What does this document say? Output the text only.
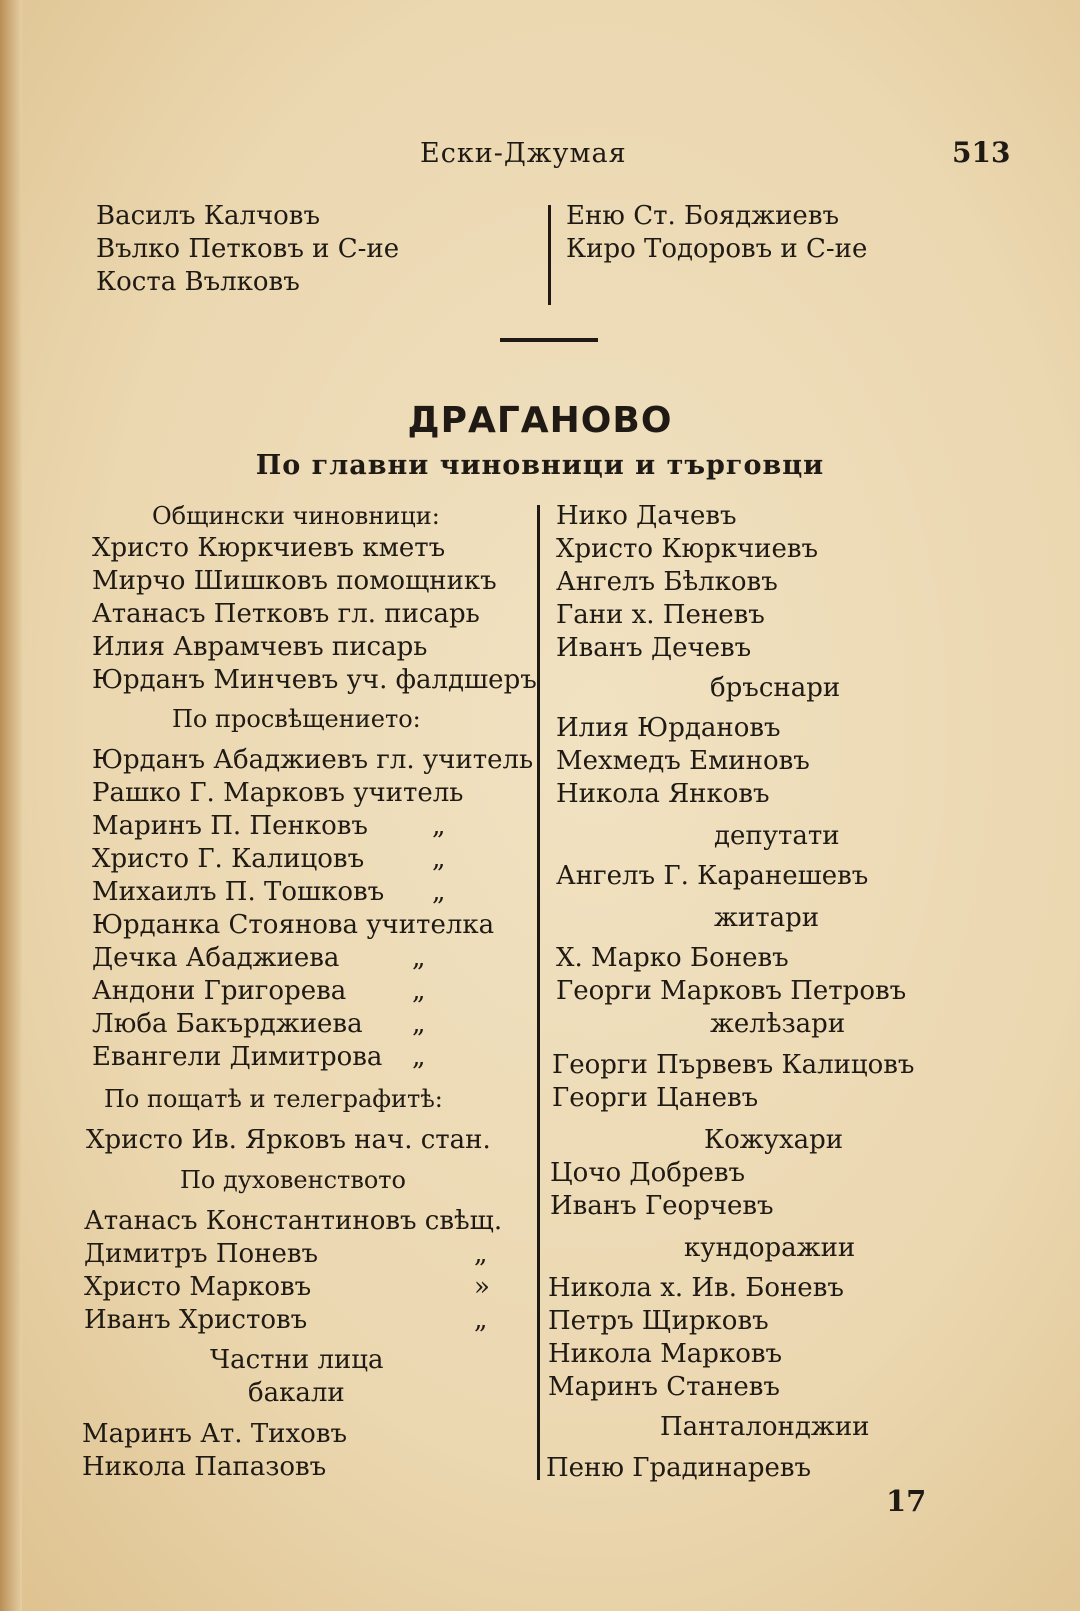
Ески-Джумая	513
Василъ Калчовъ
Вълко Петковъ и С-ие
Коста Вълковъ
Еню Ст. Бояджиевъ
Киро Тодоровъ и С-ие
ДРАГАНОВО
По главни чиновници и търговци
Общински чиновници:
Христо Кюркчиевъ кметъ
Мирчо Шишковъ помощникъ
Атанасъ Петковъ гл. писарь
Илия Аврамчевъ писарь
Юрданъ Минчевъ уч. фалдшеръ
По просвѣщението:
Юрданъ Абаджиевъ гл. учитель
Рашко Г. Марковъ учитель
Маринъ П. Пенковъ „
Христо Г. Калицовъ	„
Михаилъ П. Тошковъ „
Юрданка Стоянова учителка
Дечка Абаджиева	„
Андони Григорева	„
Люба Бакърджиева „
Евангели Димитрова „
По пощатѣ и телеграфитѣ:
Христо Ив. Ярковъ нач. стан.
По духовенството
Атанасъ Константиновъ свѣщ.
Димитръ Поневъ	„
Христо Марковъ	»
Иванъ Христовъ	„
Частни лица
бакали
Маринъ Ат. Тиховъ
Никола Папазовъ
Нико Дачевъ
Христо Кюркчиевъ
Ангелъ Бѣлковъ
Гани х. Пеневъ
Иванъ Дечевъ
бръснари
Илия Юрдановъ
Мехмедъ Еминовъ
Никола Янковъ
депутати
Ангелъ Г. Каранешевъ
житари
Х. Марко Боневъ
Георги Марковъ Петровъ
желѣзари
Георги Първевъ Калицовъ
Георги Цаневъ
Кожухари
Цочо Добревъ
Иванъ Георчевъ
кундоражии
Никола х. Ив. Боневъ
Петръ Щирковъ
Никола Марковъ
Маринъ Станевъ
Панталонджии
Пеню Градинаревъ
17
